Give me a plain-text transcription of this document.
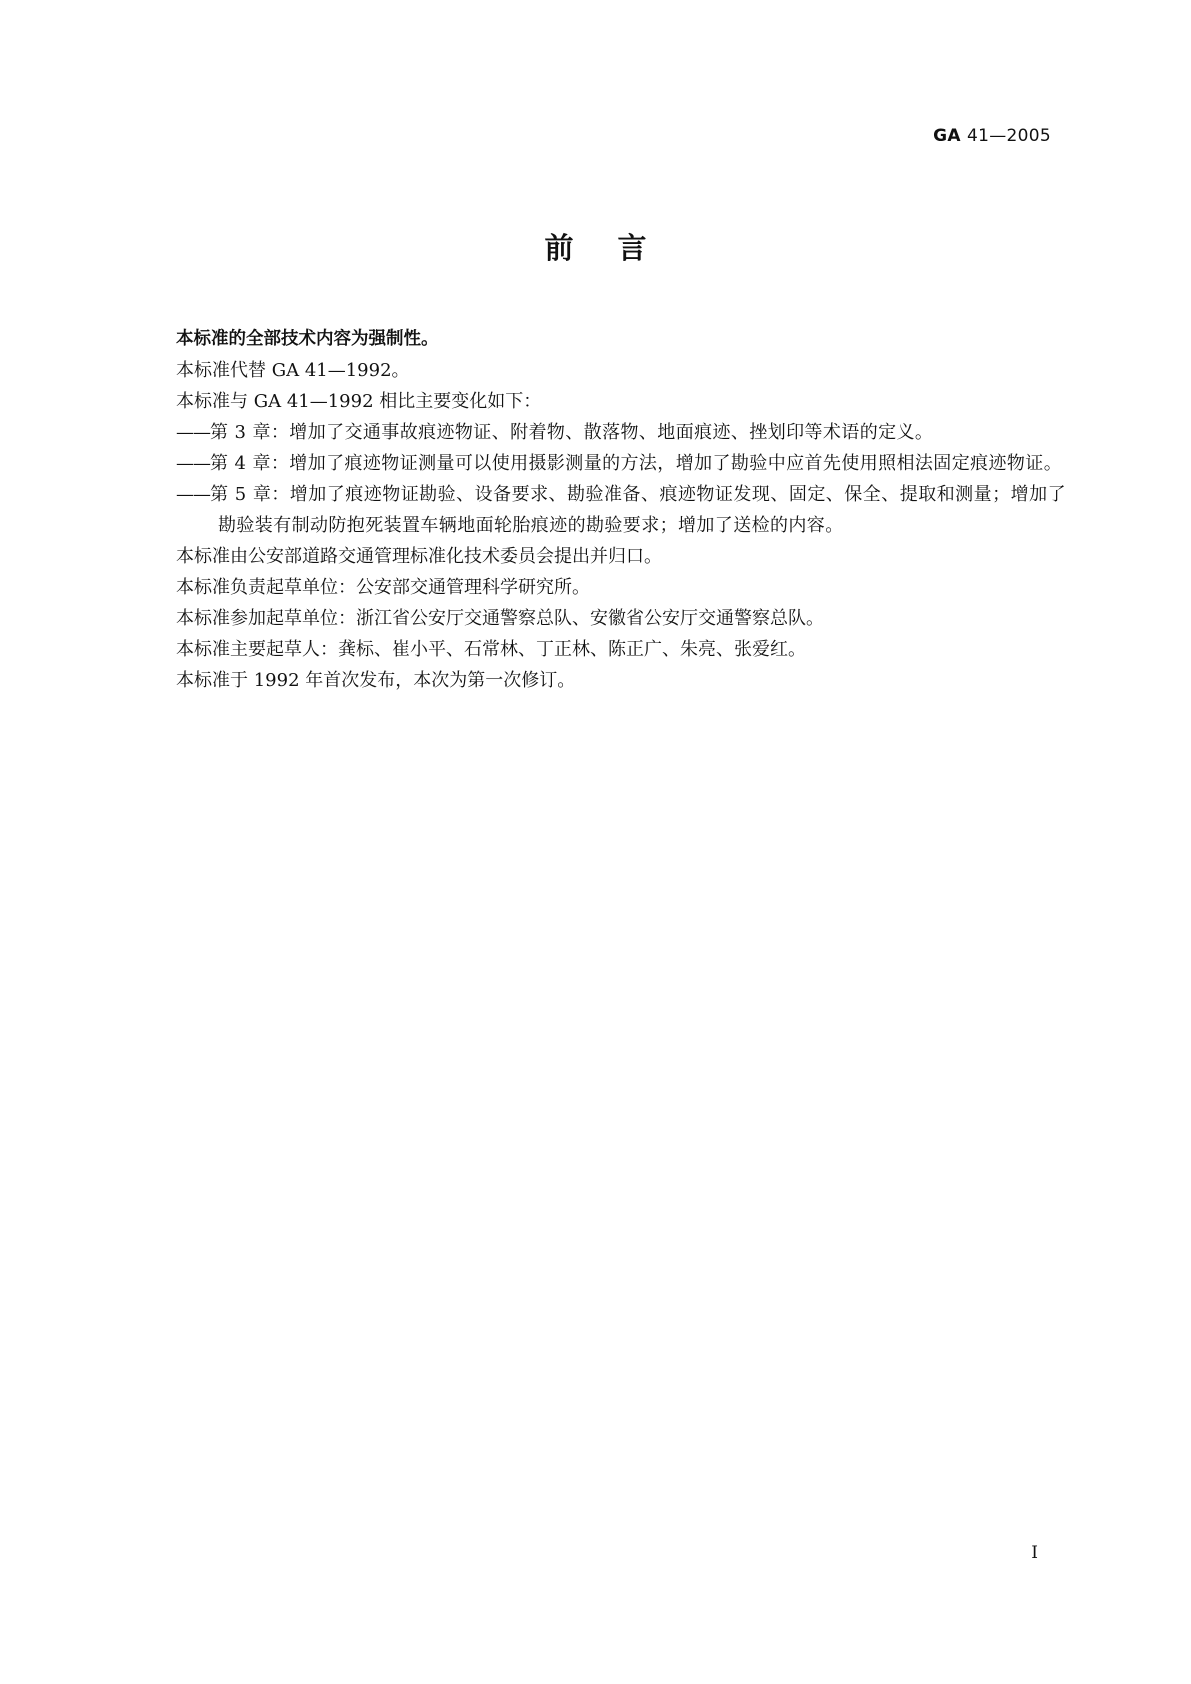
GA 41—2005
前言

本标准的全部技术内容为强制性。

本标准代替 GA 41—1992。

本标准与 GA 41—1992 相比主要变化如下：

——第 3 章：增加了交通事故痕迹物证、附着物、散落物、地面痕迹、挫划印等术语的定义。

——第 4 章：增加了痕迹物证测量可以使用摄影测量的方法，增加了勘验中应首先使用照相法固定痕迹物证。

——第 5 章：增加了痕迹物证勘验、设备要求、勘验准备、痕迹物证发现、固定、保全、提取和测量；增加了勘验装有制动防抱死装置车辆地面轮胎痕迹的勘验要求；增加了送检的内容。

本标准由公安部道路交通管理标准化技术委员会提出并归口。

本标准负责起草单位：公安部交通管理科学研究所。

本标准参加起草单位：浙江省公安厅交通警察总队、安徽省公安厅交通警察总队。

本标准主要起草人：龚标、崔小平、石常林、丁正林、陈正广、朱亮、张爱红。

本标准于 1992 年首次发布，本次为第一次修订。

I
